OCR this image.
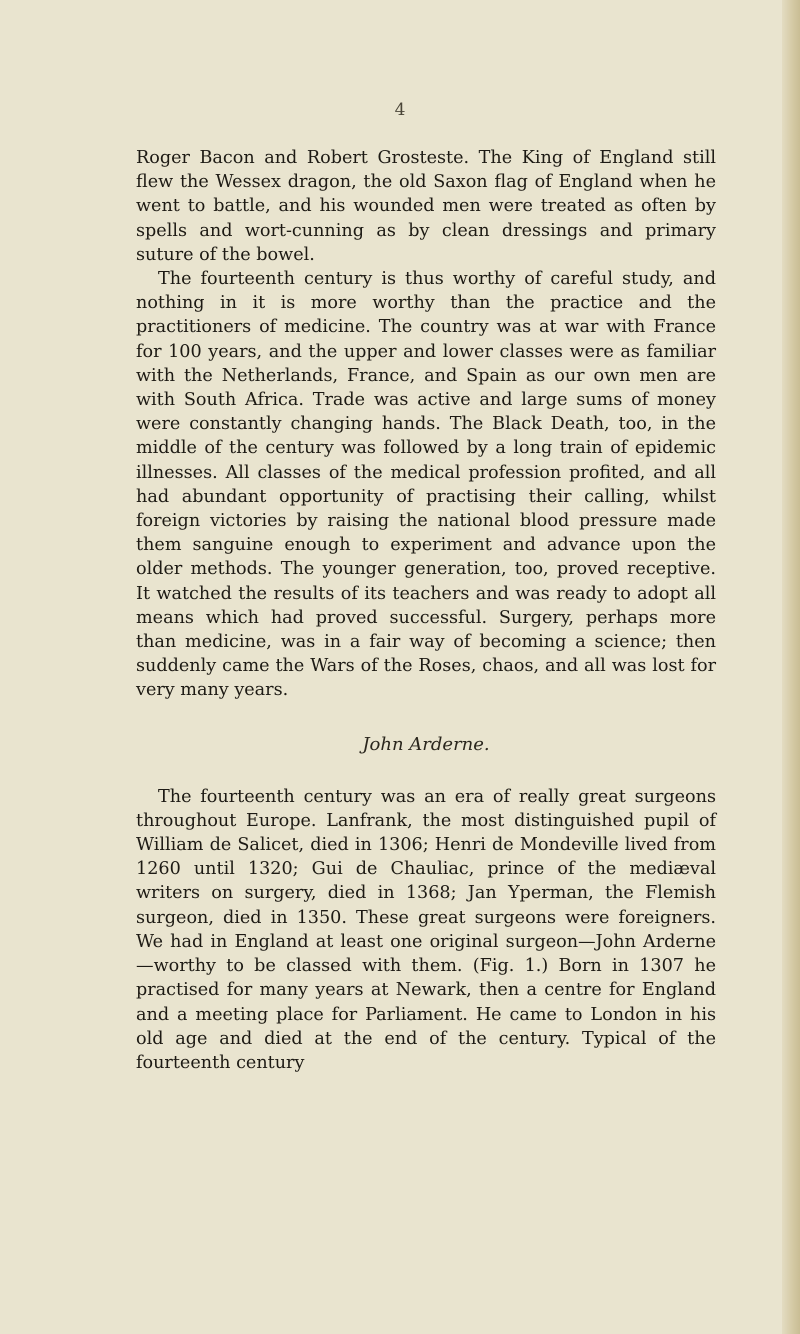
4

Roger Bacon and Robert Grosteste. The King of England still flew the Wessex dragon, the old Saxon flag of England when he went to battle, and his wounded men were treated as often by spells and wort-cunning as by clean dressings and primary suture of the bowel.

The fourteenth century is thus worthy of careful study, and nothing in it is more worthy than the practice and the practitioners of medicine. The country was at war with France for 100 years, and the upper and lower classes were as familiar with the Netherlands, France, and Spain as our own men are with South Africa. Trade was active and large sums of money were constantly changing hands. The Black Death, too, in the middle of the century was followed by a long train of epidemic illnesses. All classes of the medical profession profited, and all had abundant opportunity of practising their calling, whilst foreign victories by raising the national blood pressure made them sanguine enough to experiment and advance upon the older methods. The younger generation, too, proved receptive. It watched the results of its teachers and was ready to adopt all means which had proved successful. Surgery, perhaps more than medicine, was in a fair way of becoming a science; then suddenly came the Wars of the Roses, chaos, and all was lost for very many years.

John Arderne.

The fourteenth century was an era of really great surgeons throughout Europe. Lanfrank, the most distinguished pupil of William de Salicet, died in 1306; Henri de Mondeville lived from 1260 until 1320; Gui de Chauliac, prince of the mediæval writers on surgery, died in 1368; Jan Yperman, the Flemish surgeon, died in 1350. These great surgeons were foreigners. We had in England at least one original surgeon—John Arderne—worthy to be classed with them. (Fig. 1.) Born in 1307 he practised for many years at Newark, then a centre for England and a meeting place for Parliament. He came to London in his old age and died at the end of the century. Typical of the fourteenth century
